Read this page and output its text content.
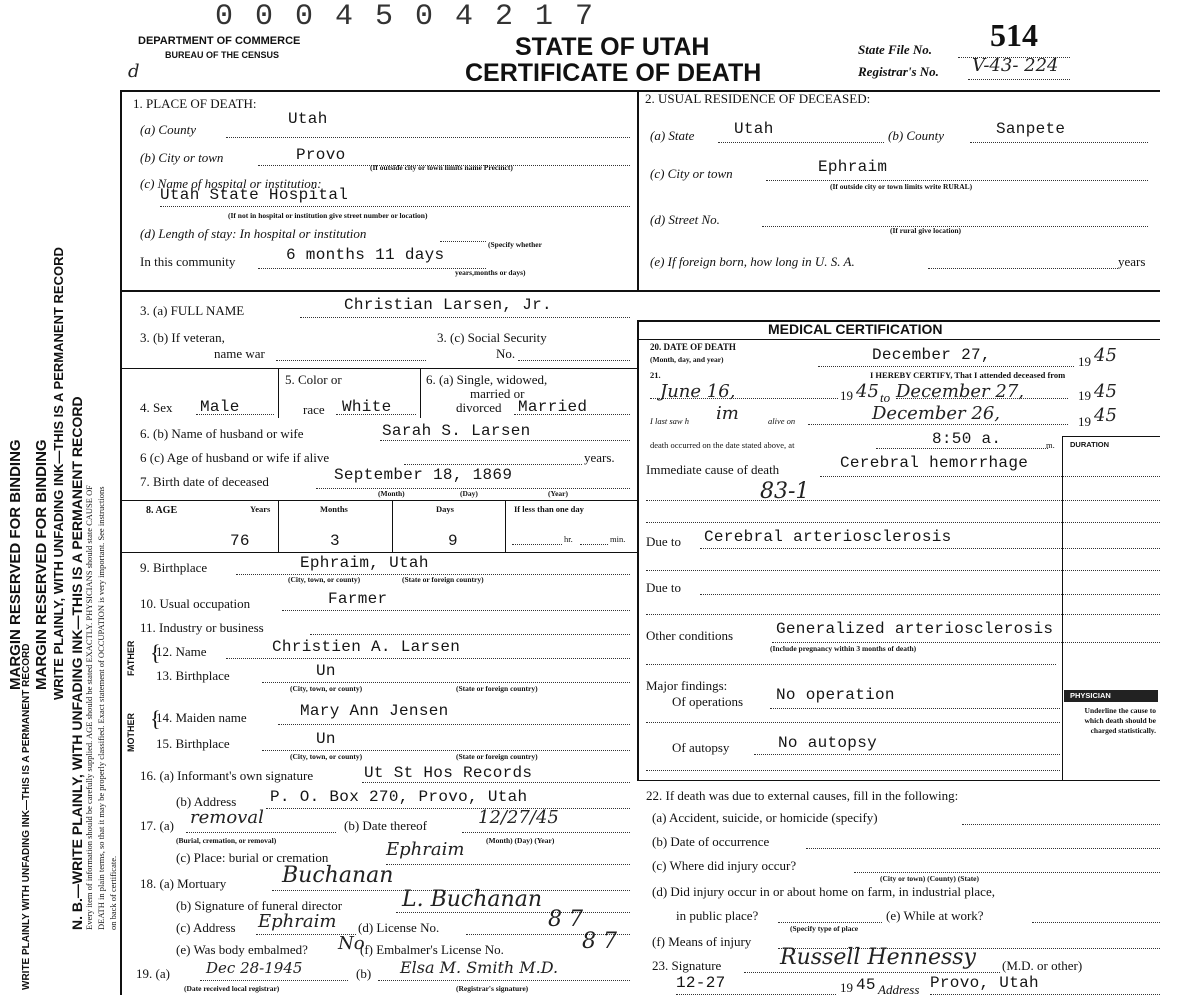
MARGIN RESERVED FOR BINDING
WRITE PLAINLY WITH UNFADING INK—THIS IS A PERMANENT RECORD
MARGIN RESERVED FOR BINDING WRITE PLAINLY, WITH UNFADING INK—THIS IS A PERMANENT RECORD N. B.—WRITE PLAINLY, WITH UNFADING INK—THIS IS A PERMANENT RECORD Every item of information should be carefully supplied. AGE should be stated EXACTLY. PHYSICIANS should state CAUSE OF DEATH in plain terms, so that it may be properly classified. Exact statement of OCCUPATION is very important. See instructions on back of certificate.
0 0 0 4 5 0 4 2 1 7
DEPARTMENT OF COMMERCE
BUREAU OF THE CENSUS	STATE OF UTAH
CERTIFICATE OF DEATH
State File No. 514
Registrar's No. V-43- 224
d
1. PLACE OF DEATH:
(a) County
Utah
(b) City or town	Provo
(If outside city or town limits name Precinct)
(c) Name of hospital or institution:
Utah State Hospital
(If not in hospital or institution give street number or location)
(d) Length of stay: In hospital or institution
(Specify whether
In this community	6 months 11 days
years,months or days)
2. USUAL RESIDENCE OF DECEASED:
(a) State Utah	(b) County	Sanpete
(c) City or town	Ephraim
(If outside city or town limits write RURAL)
(d) Street No.
(If rural give location)
(e) If foreign born, how long in U. S. A.	years
3. (a) FULL NAME	Christian Larsen, Jr.
3. (b) If veteran,
name war
3. (c) Social Security
No.
4. Sex Male
5. Color or
race White
6. (a) Single, widowed,
married or
divorced Married
6. (b) Name of husband or wife	Sarah S. Larsen
6 (c) Age of husband or wife if alive	years.
7. Birth date of deceased	September 18, 1869
(Month)	(Day)	(Year)
8. AGE	Years	Months	Days	If less than one day
76	3	9	hr.	min.
9. Birthplace	Ephraim, Utah
(City, town, or county)	(State or foreign country)
10. Usual occupation	Farmer
11. Industry or business
FATHER {
12. Name	Christien A. Larsen
13. Birthplace	Un
(City, town, or county)	(State or foreign country)
MOTHER {
14. Maiden name	Mary Ann Jensen
15. Birthplace	Un
(City, town, or county)	(State or foreign country)
16. (a) Informant's own signature	Ut St Hos Records
(b) Address P. O. Box 270, Provo, Utah
17. (a) removal
(Burial, cremation, or removal)
(b) Date thereof	12/27/45
(Month) (Day) (Year)
(c) Place: burial or cremation	Ephraim
18. (a) Mortuary	Buchanan
(b) Signature of funeral director	L. Buchanan
(c) Address Ephraim (d) License No.	8 7
(e) Was body embalmed? No
(f) Embalmer's License No.	8 7
19. (a) Dec 28-1945
(Date received local registrar)
(b) Elsa M. Smith M.D.
(Registrar's signature)
MEDICAL CERTIFICATION
20. DATE OF DEATH
(Month, day, and year)	December 27,	19 45
21.	I HEREBY CERTIFY, That I attended deceased from
June 16,	19 45 to December 27,	19 45
I last saw h im	alive on	December 26,	19 45
death occurred on the date stated above, at	8:50 a.	m. DURATION
Immediate cause of death	Cerebral hemorrhage
83-1
Due to Cerebral arteriosclerosis
Due to
Other conditions	Generalized arteriosclerosis
(Include pregnancy within 3 months of death)
Major findings:
Of operations No operation
Of autopsy	No autopsy
PHYSICIAN
Underline the cause to which death should be charged statistically.
22. If death was due to external causes, fill in the following:
(a) Accident, suicide, or homicide (specify)
(b) Date of occurrence
(c) Where did injury occur?
(City or town) (County) (State)
(d) Did injury occur in or about home on farm, in industrial place,
in public place?	(e) While at work?
(Specify type of place
(f) Means of injury
23. Signature	Russell Hennessy (M.D. or other)
12-27	19 45 Address Provo, Utah
